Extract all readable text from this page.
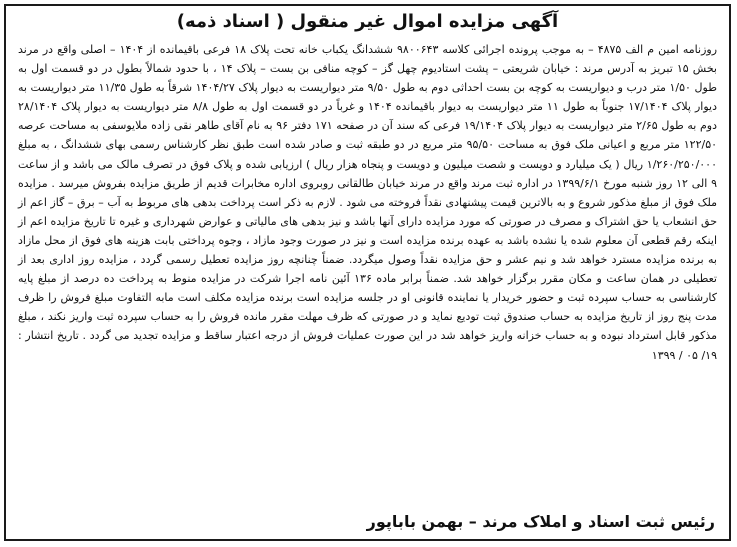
آگهی مزایده اموال غیر منقول ( اسناد ذمه)

روزنامه امین م الف ۴۸۷۵ – به موجب پرونده اجرائی کلاسه ۹۸۰۰۶۴۳ ششدانگ یکباب خانه تحت پلاک ۱۸ فرعی باقیمانده از ۱۴۰۴ – اصلی واقع در مرند بخش ۱۵ تبریز به آدرس مرند : خیابان شریعتی – پشت استادیوم چهل گز – کوچه منافی بن بست – پلاک ۱۴ ، با حدود شمالاً بطول در دو قسمت اول به طول ۱/۵۰ متر درب و دیواریست به کوچه بن بست احداثی دوم به طول ۹/۵۰ متر دیواریست به دیوار پلاک ۱۴۰۴/۲۷ شرقاً به طول ۱۱/۳۵ متر دیواریست به دیوار پلاک ۱۷/۱۴۰۴ جنوباً به طول ۱۱ متر دیواریست به دیوار باقیمانده ۱۴۰۴ و غرباً در دو قسمت اول به طول ۸/۸ متر دیواریست به دیوار پلاک ۲۸/۱۴۰۴ دوم به طول ۲/۶۵ متر دیواریست به دیوار پلاک ۱۹/۱۴۰۴ فرعی که سند آن در صفحه ۱۷۱ دفتر ۹۶ به نام آقای طاهر نقی زاده ملایوسفی به مساحت عرصه ۱۲۲/۵۰ متر مربع و اعیانی ملک فوق به مساحت ۹۵/۵۰ متر مربع در دو طبقه ثبت و صادر شده است طبق نظر کارشناس رسمی بهای ششدانگ ، به مبلغ ۱/۲۶۰/۲۵۰/۰۰۰ ریال ( یک میلیارد و دویست و شصت میلیون و دویست و پنجاه هزار ریال ) ارزیابی شده و پلاک فوق در تصرف مالک می باشد و از ساعت ۹ الی ۱۲ روز شنبه مورخ ۱۳۹۹/۶/۱ در اداره ثبت مرند واقع در مرند خیابان طالقانی روبروی اداره مخابرات قدیم از طریق مزایده بفروش میرسد . مزایده ملک فوق از مبلغ مذکور شروع و به بالاترین قیمت پیشنهادی نقداً فروخته می شود . لازم به ذکر است پرداخت بدهی های مربوط به آب – برق – گاز اعم از حق انشعاب یا حق اشتراک و مصرف در صورتی که مورد مزایده دارای آنها باشد و نیز بدهی های مالیاتی و عوارض شهرداری و غیره تا تاریخ مزایده اعم از اینکه رقم قطعی آن معلوم شده یا نشده باشد به عهده برنده مزایده است و نیز در صورت وجود مازاد ، وجوه پرداختی بابت هزینه های فوق از محل مازاد به برنده مزایده مسترد خواهد شد و نیم عشر و حق مزایده نقداً وصول میگردد. ضمناً چنانچه روز مزایده تعطیل رسمی گردد ، مزایده روز اداری بعد از تعطیلی در همان ساعت و مکان مقرر برگزار خواهد شد. ضمناً برابر ماده ۱۳۶ آئین نامه اجرا شرکت در مزایده منوط به پرداخت ده درصد از مبلغ پایه کارشناسی به حساب سپرده ثبت و حضور خریدار یا نماینده قانونی او در جلسه مزایده است برنده مزایده مکلف است مابه التفاوت مبلغ فروش را ظرف مدت پنج روز از تاریخ مزایده به حساب صندوق ثبت تودیع نماید و در صورتی که ظرف مهلت مقرر مانده فروش را به حساب سپرده ثبت واریز نکند ، مبلغ مذکور قابل استرداد نبوده و به حساب خزانه واریز خواهد شد در این صورت عملیات فروش از درجه اعتبار ساقط و مزایده تجدید می گردد . تاریخ انتشار : ۱۹/ ۰۵ / ۱۳۹۹

رئیس ثبت اسناد و املاک مرند – بهمن باباپور
